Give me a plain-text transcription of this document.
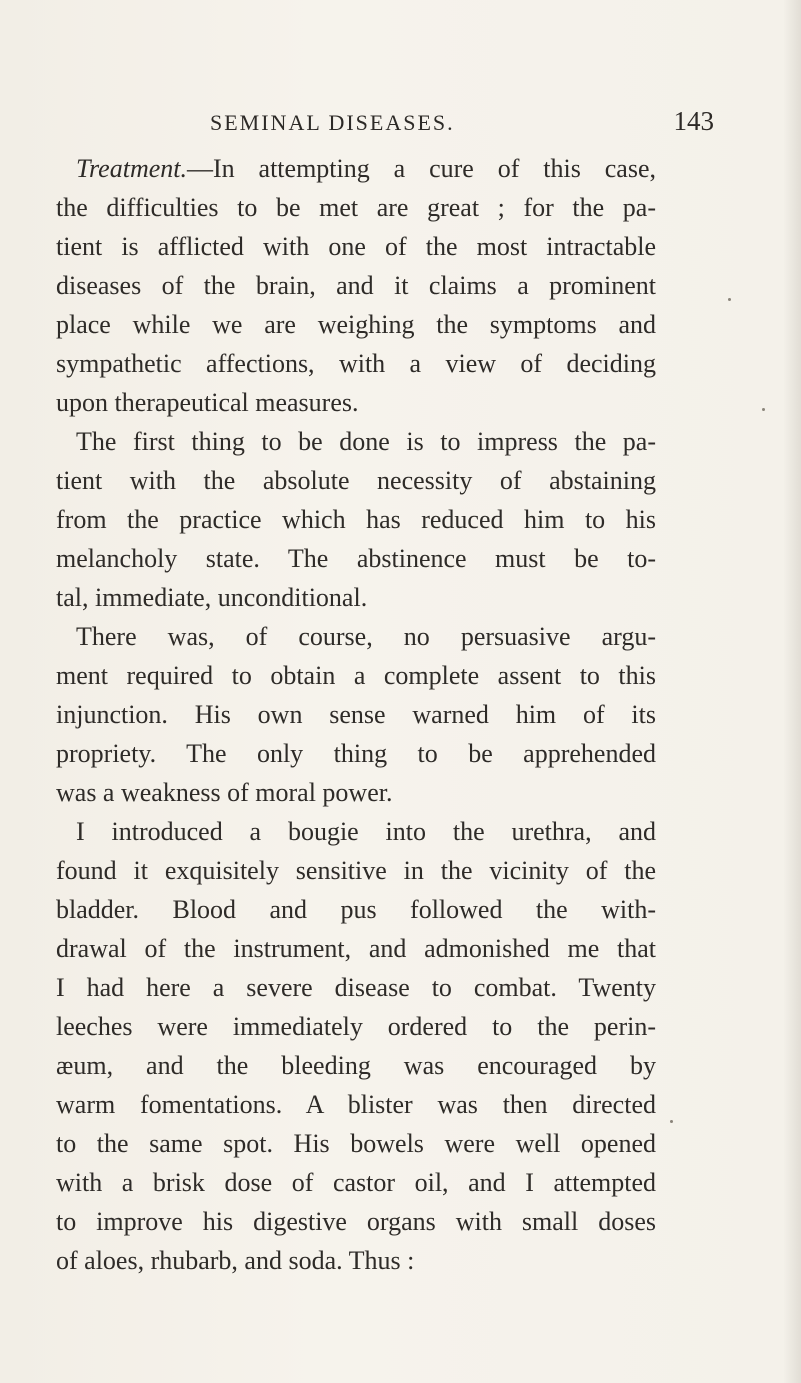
SEMINAL DISEASES.	143
Treatment.—In attempting a cure of this case,
the difficulties to be met are great ; for the pa-
tient is afflicted with one of the most intractable
diseases of the brain, and it claims a prominent
place while we are weighing the symptoms and
sympathetic affections, with a view of deciding
upon therapeutical measures.
The first thing to be done is to impress the pa-
tient with the absolute necessity of abstaining
from the practice which has reduced him to his
melancholy state. The abstinence must be to-
tal, immediate, unconditional.
There was, of course, no persuasive argu-
ment required to obtain a complete assent to this
injunction. His own sense warned him of its
propriety. The only thing to be apprehended
was a weakness of moral power.
I introduced a bougie into the urethra, and
found it exquisitely sensitive in the vicinity of the
bladder. Blood and pus followed the with-
drawal of the instrument, and admonished me that
I had here a severe disease to combat. Twenty
leeches were immediately ordered to the perin-
æum, and the bleeding was encouraged by
warm fomentations. A blister was then directed
to the same spot. His bowels were well opened
with a brisk dose of castor oil, and I attempted
to improve his digestive organs with small doses
of aloes, rhubarb, and soda. Thus :
